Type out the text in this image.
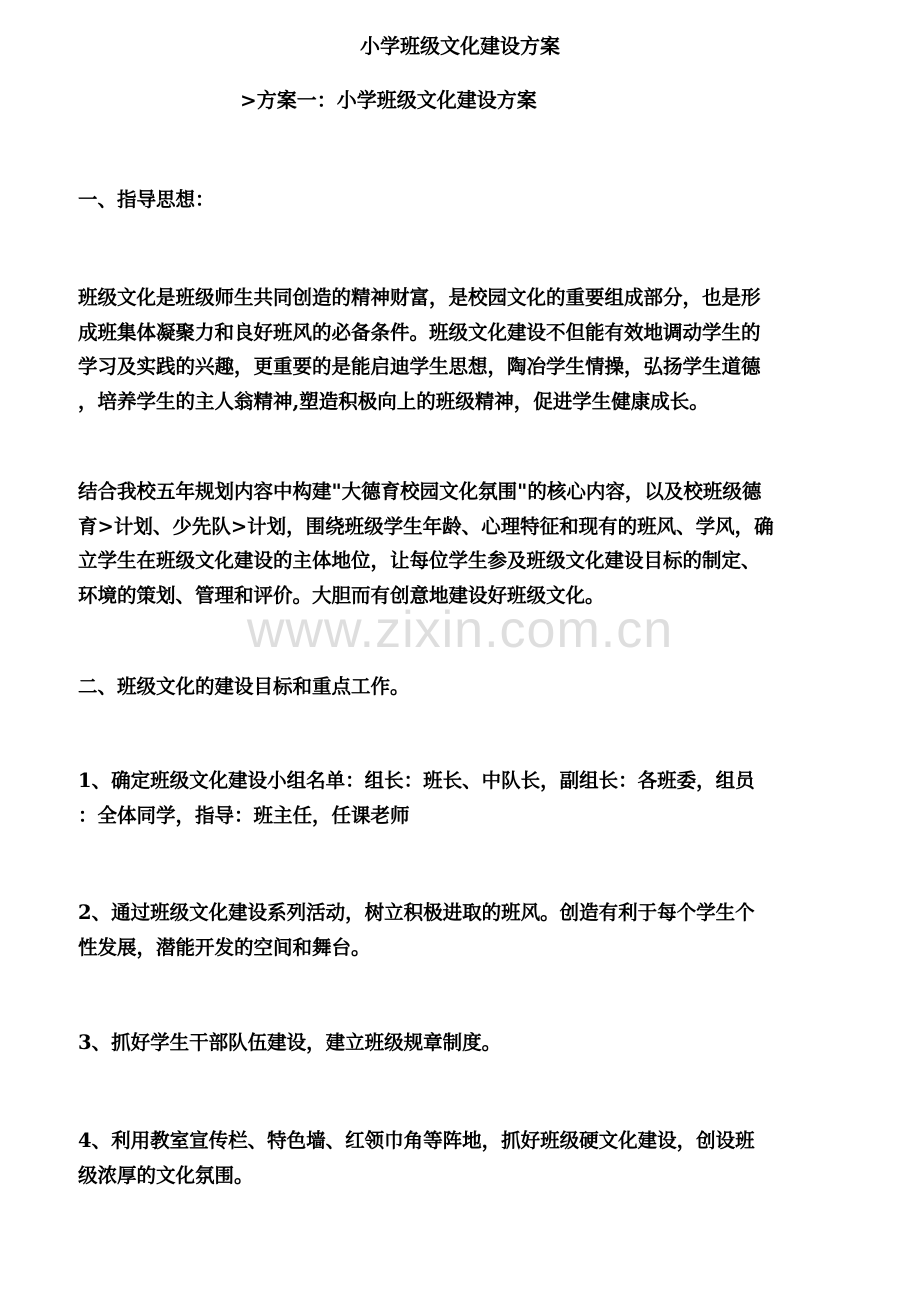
小学班级文化建设方案
>方案一：小学班级文化建设方案
一、指导思想：
班级文化是班级师生共同创造的精神财富，是校园文化的重要组成部分，也是形
成班集体凝聚力和良好班风的必备条件。班级文化建设不但能有效地调动学生的
学习及实践的兴趣，更重要的是能启迪学生思想，陶冶学生情操，弘扬学生道德
，培养学生的主人翁精神,塑造积极向上的班级精神，促进学生健康成长。
结合我校五年规划内容中构建"大德育校园文化氛围"的核心内容，以及校班级德
育>计划、少先队>计划，围绕班级学生年龄、心理特征和现有的班风、学风，确
立学生在班级文化建设的主体地位，让每位学生参及班级文化建设目标的制定、
环境的策划、管理和评价。大胆而有创意地建设好班级文化。
www.zixin.com.cn
二、班级文化的建设目标和重点工作。
1、确定班级文化建设小组名单：组长：班长、中队长，副组长：各班委，组员
：全体同学，指导：班主任，任课老师
2、通过班级文化建设系列活动，树立积极进取的班风。创造有利于每个学生个
性发展，潜能开发的空间和舞台。
3、抓好学生干部队伍建设，建立班级规章制度。
4、利用教室宣传栏、特色墙、红领巾角等阵地，抓好班级硬文化建设，创设班
级浓厚的文化氛围。
